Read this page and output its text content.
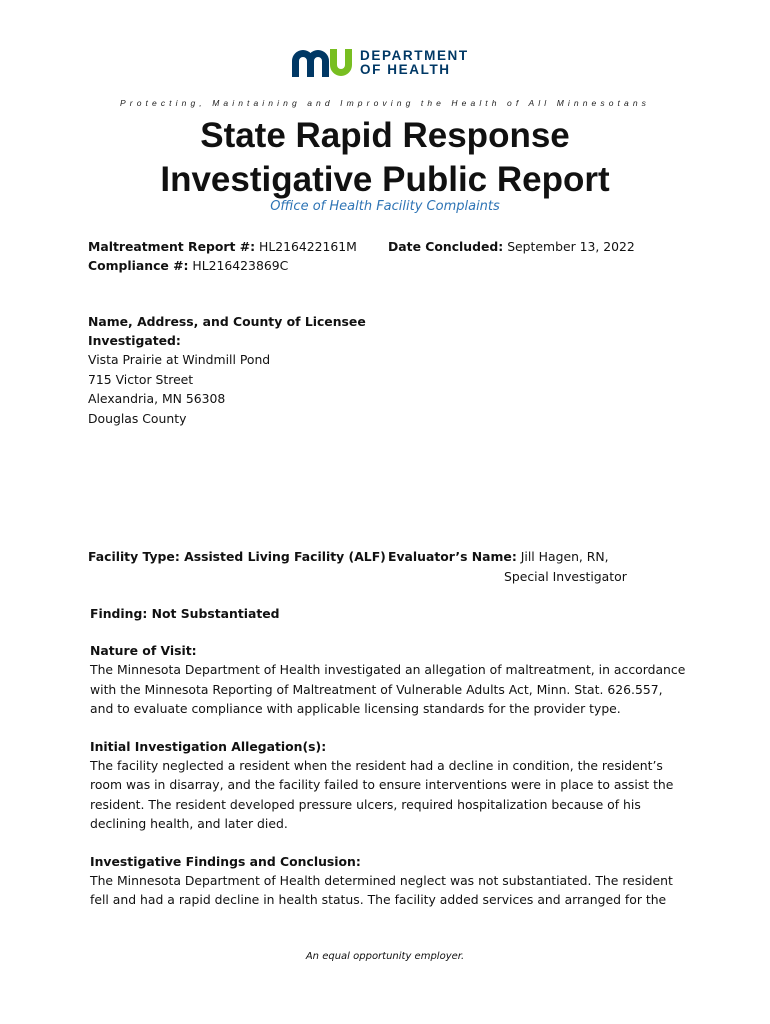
DEPARTMENT
OF HEALTH
Protecting, Maintaining and Improving the Health of All Minnesotans
State Rapid Response
Investigative Public Report
Office of Health Facility Complaints
Maltreatment Report #: HL216422161M
Compliance #: HL216423869C
Date Concluded: September 13, 2022
Name, Address, and County of Licensee
Investigated:
Vista Prairie at Windmill Pond
715 Victor Street
Alexandria, MN 56308
Douglas County
Facility Type: Assisted Living Facility (ALF) Evaluator’s Name: Jill Hagen, RN,
Special Investigator
Finding: Not Substantiated
Nature of Visit:
The Minnesota Department of Health investigated an allegation of maltreatment, in accordance
with the Minnesota Reporting of Maltreatment of Vulnerable Adults Act, Minn. Stat. 626.557,
and to evaluate compliance with applicable licensing standards for the provider type.
Initial Investigation Allegation(s):
The facility neglected a resident when the resident had a decline in condition, the resident’s
room was in disarray, and the facility failed to ensure interventions were in place to assist the
resident. The resident developed pressure ulcers, required hospitalization because of his
declining health, and later died.
Investigative Findings and Conclusion:
The Minnesota Department of Health determined neglect was not substantiated. The resident
fell and had a rapid decline in health status. The facility added services and arranged for the
An equal opportunity employer.
